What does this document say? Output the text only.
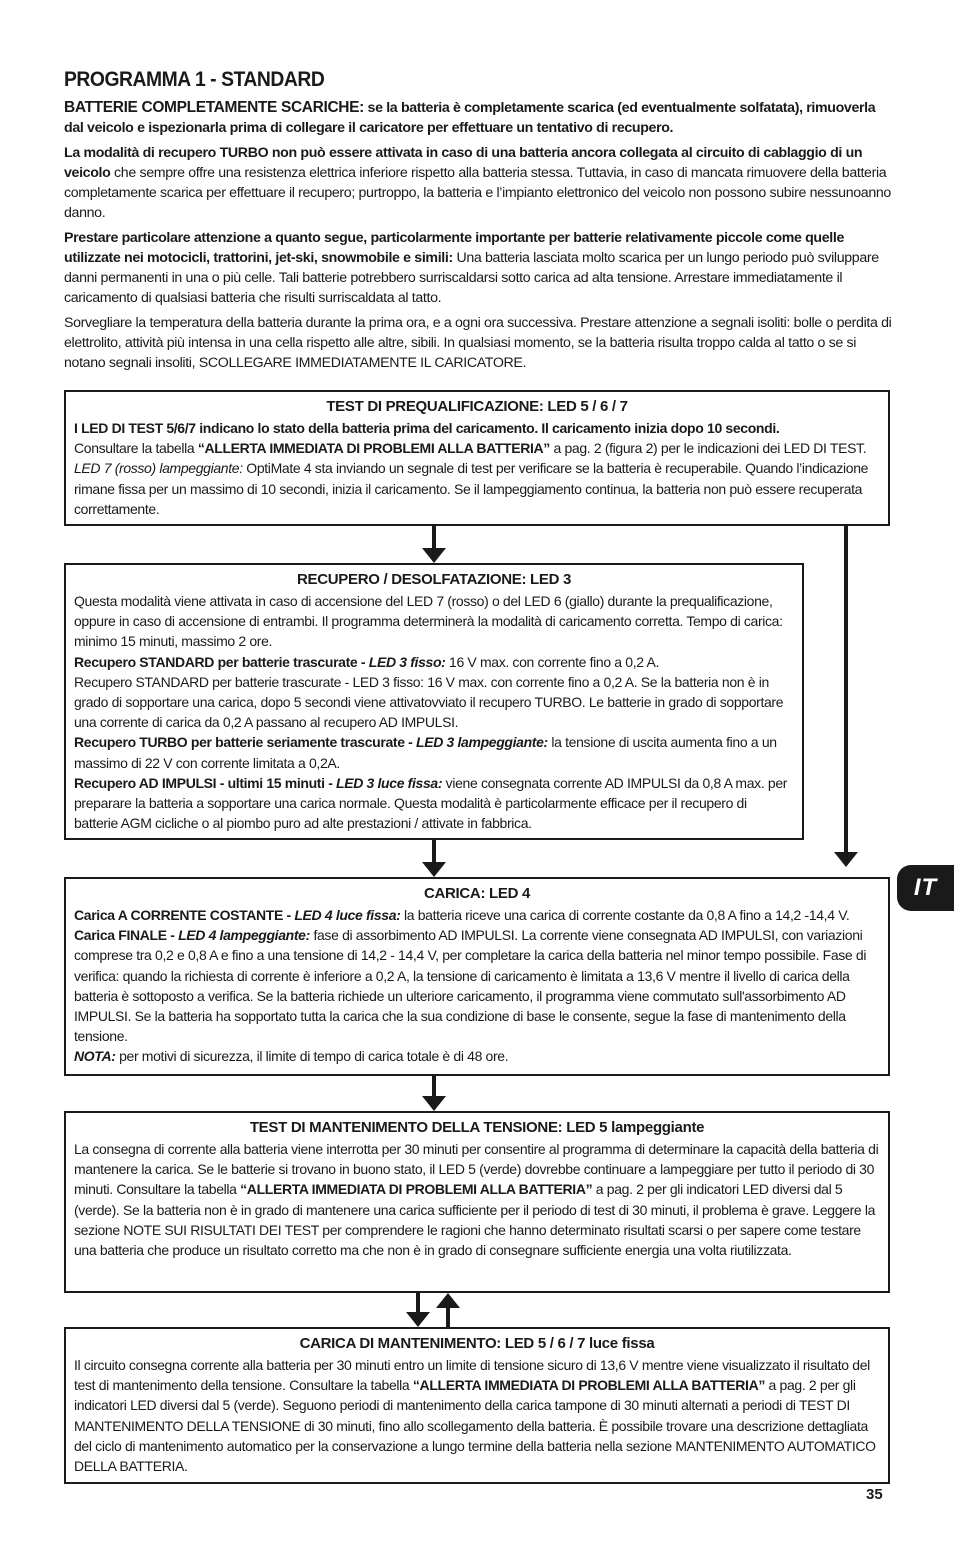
PROGRAMMA 1 - STANDARD

BATTERIE COMPLETAMENTE SCARICHE: se la batteria è completamente scarica (ed eventualmente solfatata), rimuoverla dal veicolo e ispezionarla prima di collegare il caricatore per effettuare un tentativo di recupero.

La modalità di recupero TURBO non può essere attivata in caso di una batteria ancora collegata al circuito di cablaggio di un veicolo che sempre offre una resistenza elettrica inferiore rispetto alla batteria stessa. Tuttavia, in caso di mancata rimuovere della batteria completamente scarica per effettuare il recupero; purtroppo, la batteria e l’impianto elettronico del veicolo non possono subire nessunoanno danno.

Prestare particolare attenzione a quanto segue, particolarmente importante per batterie relativamente piccole come quelle utilizzate nei motocicli, trattorini, jet-ski, snowmobile e simili: Una batteria lasciata molto scarica per un lungo periodo può sviluppare danni permanenti in una o più celle. Tali batterie potrebbero surriscaldarsi sotto carica ad alta tensione. Arrestare immediatamente il caricamento di qualsiasi batteria che risulti surriscaldata al tatto.

Sorvegliare la temperatura della batteria durante la prima ora, e a ogni ora successiva. Prestare attenzione a segnali isoliti: bolle o perdita di elettrolito, attività più intensa in una cella rispetto alle altre, sibili. In qualsiasi momento, se la batteria risulta troppo calda al tatto o se si notano segnali insoliti, SCOLLEGARE IMMEDIATAMENTE IL CARICATORE.

TEST DI PREQUALIFICAZIONE: LED 5 / 6 / 7

I LED DI TEST 5/6/7 indicano lo stato della batteria prima del caricamento. Il caricamento inizia dopo 10 secondi.

Consultare la tabella “ALLERTA IMMEDIATA DI PROBLEMI ALLA BATTERIA” a pag. 2 (figura 2) per le indicazioni dei LED DI TEST.

LED 7 (rosso) lampeggiante: OptiMate 4 sta inviando un segnale di test per verificare se la batteria è recuperabile. Quando l’indicazione rimane fissa per un massimo di 10 secondi, inizia il caricamento. Se il lampeggiamento continua, la batteria non può essere recuperata correttamente.

RECUPERO / DESOLFATAZIONE: LED 3

Questa modalità viene attivata in caso di accensione del LED 7 (rosso) o del LED 6 (giallo) durante la prequalificazione, oppure in caso di accensione di entrambi. Il programma determinerà la modalità di caricamento corretta. Tempo di carica: minimo 15 minuti, massimo 2 ore.

Recupero STANDARD per batterie trascurate - LED 3 fisso: 16 V max. con corrente fino a 0,2 A.

Recupero STANDARD per batterie trascurate - LED 3 fisso: 16 V max. con corrente fino a 0,2 A. Se la batteria non è in grado di sopportare una carica, dopo 5 secondi viene attivatovviato il recupero TURBO. Le batterie in grado di sopportare una corrente di carica da 0,2 A passano al recupero AD IMPULSI.

Recupero TURBO per batterie seriamente trascurate - LED 3 lampeggiante: la tensione di uscita aumenta fino a un massimo di 22 V con corrente limitata a 0,2A.

Recupero AD IMPULSI - ultimi 15 minuti - LED 3 luce fissa: viene consegnata corrente AD IMPULSI da 0,8 A max. per preparare la batteria a sopportare una carica normale. Questa modalità è particolarmente efficace per il recupero di batterie AGM cicliche o al piombo puro ad alte prestazioni / attivate in fabbrica.

CARICA: LED 4

Carica A CORRENTE COSTANTE - LED 4 luce fissa: la batteria riceve una carica di corrente costante da 0,8 A fino a 14,2 -14,4 V.

Carica FINALE - LED 4 lampeggiante: fase di assorbimento AD IMPULSI. La corrente viene consegnata AD IMPULSI, con variazioni comprese tra 0,2 e 0,8 A e fino a una tensione di 14,2 - 14,4 V, per completare la carica della batteria nel minor tempo possibile. Fase di verifica: quando la richiesta di corrente è inferiore a 0,2 A, la tensione di caricamento è limitata a 13,6 V mentre il livello di carica della batteria è sottoposto a verifica. Se la batteria richiede un ulteriore caricamento, il programma viene commutato sull'assorbimento AD IMPULSI. Se la batteria ha sopportato tutta la carica che la sua condizione di base le consente, segue la fase di mantenimento della tensione.

NOTA: per motivi di sicurezza, il limite di tempo di carica totale è di 48 ore.

TEST DI MANTENIMENTO DELLA TENSIONE: LED 5 lampeggiante

La consegna di corrente alla batteria viene interrotta per 30 minuti per consentire al programma di determinare la capacità della batteria di mantenere la carica. Se le batterie si trovano in buono stato, il LED 5 (verde) dovrebbe continuare a lampeggiare per tutto il periodo di 30 minuti. Consultare la tabella “ALLERTA IMMEDIATA DI PROBLEMI ALLA BATTERIA” a pag. 2 per gli indicatori LED diversi dal 5 (verde). Se la batteria non è in grado di mantenere una carica sufficiente per il periodo di test di 30 minuti, il problema è grave. Leggere la sezione NOTE SUI RISULTATI DEI TEST per comprendere le ragioni che hanno determinato risultati scarsi o per sapere come testare una batteria che produce un risultato corretto ma che non è in grado di consegnare sufficiente energia una volta riutilizzata.

CARICA DI MANTENIMENTO: LED 5 / 6 / 7 luce fissa

Il circuito consegna corrente alla batteria per 30 minuti entro un limite di tensione sicuro di 13,6 V mentre viene visualizzato il risultato del test di mantenimento della tensione. Consultare la tabella “ALLERTA IMMEDIATA DI PROBLEMI ALLA BATTERIA” a pag. 2 per gli indicatori LED diversi dal 5 (verde). Seguono periodi di mantenimento della carica tampone di 30 minuti alternati a periodi di TEST DI MANTENIMENTO DELLA TENSIONE di 30 minuti, fino allo scollegamento della batteria. È possibile trovare una descrizione dettagliata del ciclo di mantenimento automatico per la conservazione a lungo termine della batteria nella sezione MANTENIMENTO AUTOMATICO DELLA BATTERIA.

IT
35
